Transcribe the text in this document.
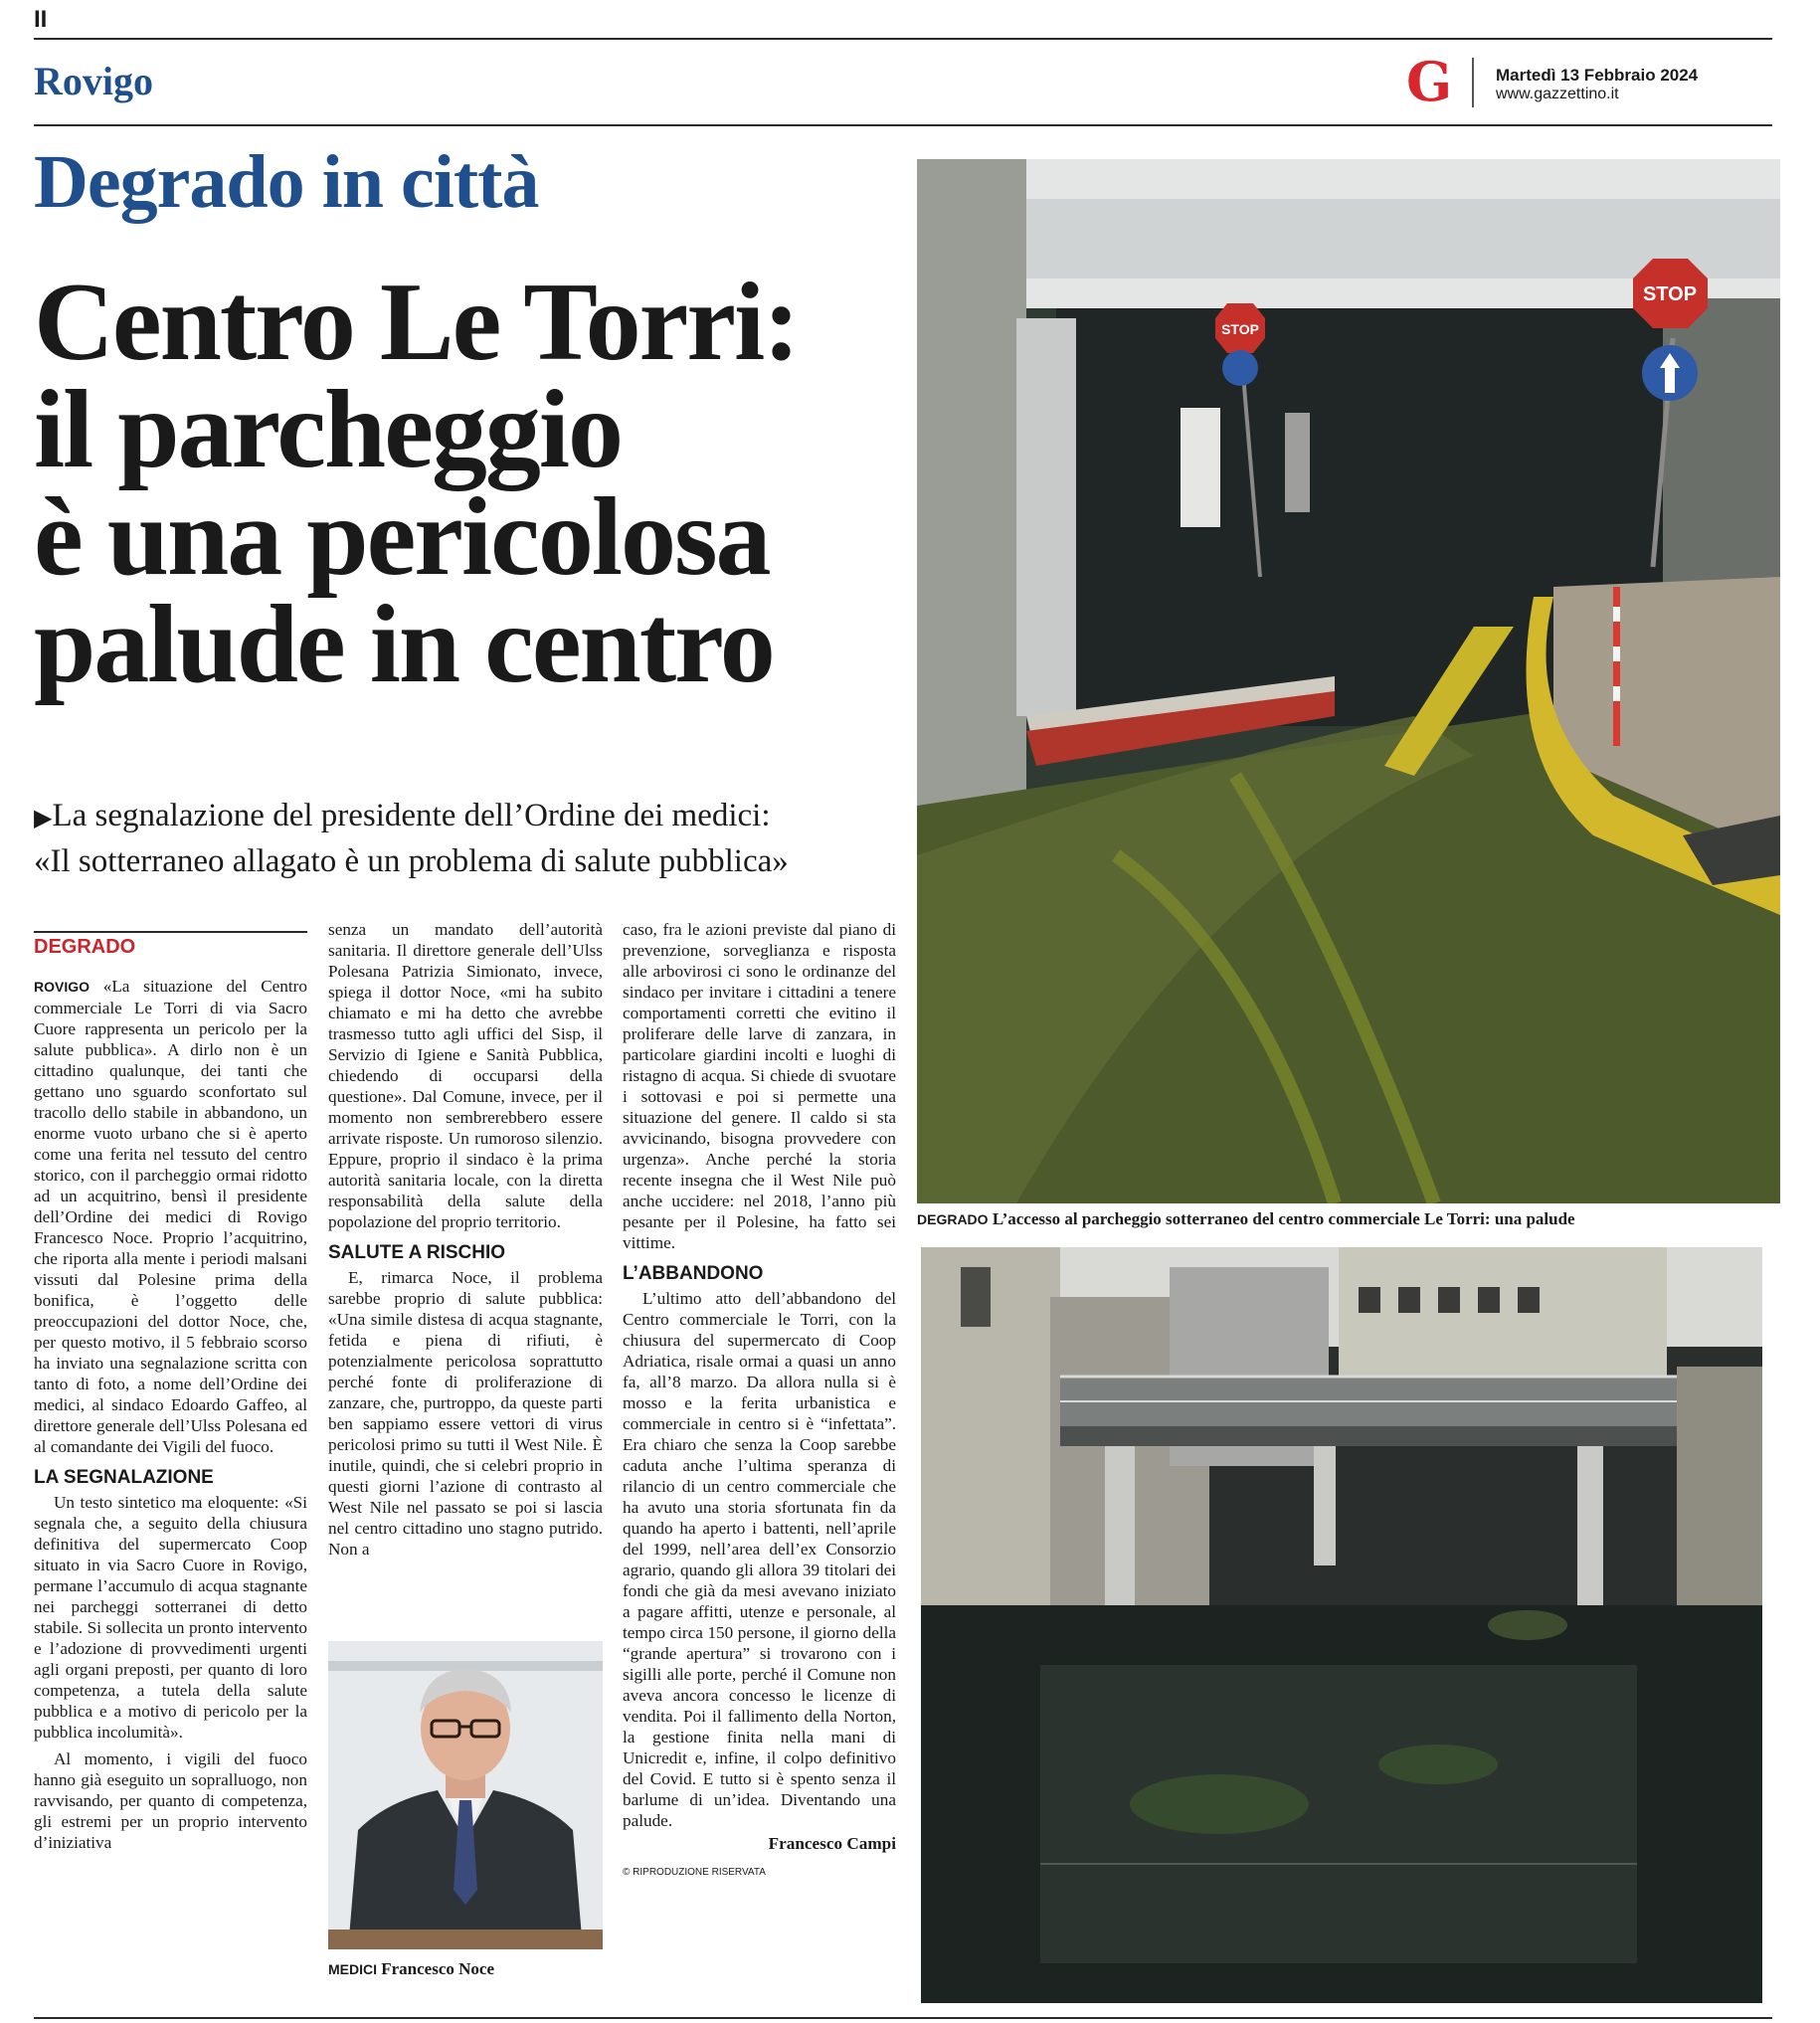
II
Rovigo	G	Martedì 13 Febbraio 2024
www.gazzettino.it
Degrado in città
Centro Le Torri:
il parcheggio
è una pericolosa
palude in centro
▶La segnalazione del presidente dell’Ordine dei medici:
«Il sotterraneo allagato è un problema di salute pubblica»
DEGRADO

ROVIGO «La situazione del Centro commerciale Le Torri di via Sacro Cuore rappresenta un pericolo per la salute pubblica». A dirlo non è un cittadino qualunque, dei tanti che gettano uno sguardo sconfortato sul tracollo dello stabile in abbandono, un enorme vuoto urbano che si è aperto come una ferita nel tessuto del centro storico, con il parcheggio ormai ridotto ad un acquitrino, bensì il presidente dell’Ordine dei medici di Rovigo Francesco Noce. Proprio l’acquitrino, che riporta alla mente i periodi malsani vissuti dal Polesine prima della bonifica, è l’oggetto delle preoccupazioni del dottor Noce, che, per questo motivo, il 5 febbraio scorso ha inviato una segnalazione scritta con tanto di foto, a nome dell’Ordine dei medici, al sindaco Edoardo Gaffeo, al direttore generale dell’Ulss Polesana ed al comandante dei Vigili del fuoco.

LA SEGNALAZIONE

Un testo sintetico ma eloquente: «Si segnala che, a seguito della chiusura definitiva del supermercato Coop situato in via Sacro Cuore in Rovigo, permane l’accumulo di acqua stagnante nei parcheggi sotterranei di detto stabile. Si sollecita un pronto intervento e l’adozione di provvedimenti urgenti agli organi preposti, per quanto di loro competenza, a tutela della salute pubblica e a motivo di pericolo per la pubblica incolumità».

Al momento, i vigili del fuoco hanno già eseguito un sopralluogo, non ravvisando, per quanto di competenza, gli estremi per un proprio intervento d’iniziativa

senza un mandato dell’autorità sanitaria. Il direttore generale dell’Ulss Polesana Patrizia Simionato, invece, spiega il dottor Noce, «mi ha subito chiamato e mi ha detto che avrebbe trasmesso tutto agli uffici del Sisp, il Servizio di Igiene e Sanità Pubblica, chiedendo di occuparsi della questione». Dal Comune, invece, per il momento non sembrerebbero essere arrivate risposte. Un rumoroso silenzio. Eppure, proprio il sindaco è la prima autorità sanitaria locale, con la diretta responsabilità della salute della popolazione del proprio territorio.

SALUTE A RISCHIO

E, rimarca Noce, il problema sarebbe proprio di salute pubblica: «Una simile distesa di acqua stagnante, fetida e piena di rifiuti, è potenzialmente pericolosa soprattutto perché fonte di proliferazione di zanzare, che, purtroppo, da queste parti ben sappiamo essere vettori di virus pericolosi primo su tutti il West Nile. È inutile, quindi, che si celebri proprio in questi giorni l’azione di contrasto al West Nile nel passato se poi si lascia nel centro cittadino uno stagno putrido. Non a

MEDICI Francesco Noce

caso, fra le azioni previste dal piano di prevenzione, sorveglianza e risposta alle arbovirosi ci sono le ordinanze del sindaco per invitare i cittadini a tenere comportamenti corretti che evitino il proliferare delle larve di zanzara, in particolare giardini incolti e luoghi di ristagno di acqua. Si chiede di svuotare i sottovasi e poi si permette una situazione del genere. Il caldo si sta avvicinando, bisogna provvedere con urgenza». Anche perché la storia recente insegna che il West Nile può anche uccidere: nel 2018, l’anno più pesante per il Polesine, ha fatto sei vittime.

L’ABBANDONO

L’ultimo atto dell’abbandono del Centro commerciale le Torri, con la chiusura del supermercato di Coop Adriatica, risale ormai a quasi un anno fa, all’8 marzo. Da allora nulla si è mosso e la ferita urbanistica e commerciale in centro si è “infettata”. Era chiaro che senza la Coop sarebbe caduta anche l’ultima speranza di rilancio di un centro commerciale che ha avuto una storia sfortunata fin da quando ha aperto i battenti, nell’aprile del 1999, nell’area dell’ex Consorzio agrario, quando gli allora 39 titolari dei fondi che già da mesi avevano iniziato a pagare affitti, utenze e personale, al tempo circa 150 persone, il giorno della “grande apertura” si trovarono con i sigilli alle porte, perché il Comune non aveva ancora concesso le licenze di vendita. Poi il fallimento della Norton, la gestione finita nella mani di Unicredit e, infine, il colpo definitivo del Covid. E tutto si è spento senza il barlume di un’idea. Diventando una palude.

Francesco Campi
© RIPRODUZIONE RISERVATA
STOP
STOP
DEGRADO L’accesso al parcheggio sotterraneo del centro commerciale Le Torri: una palude
